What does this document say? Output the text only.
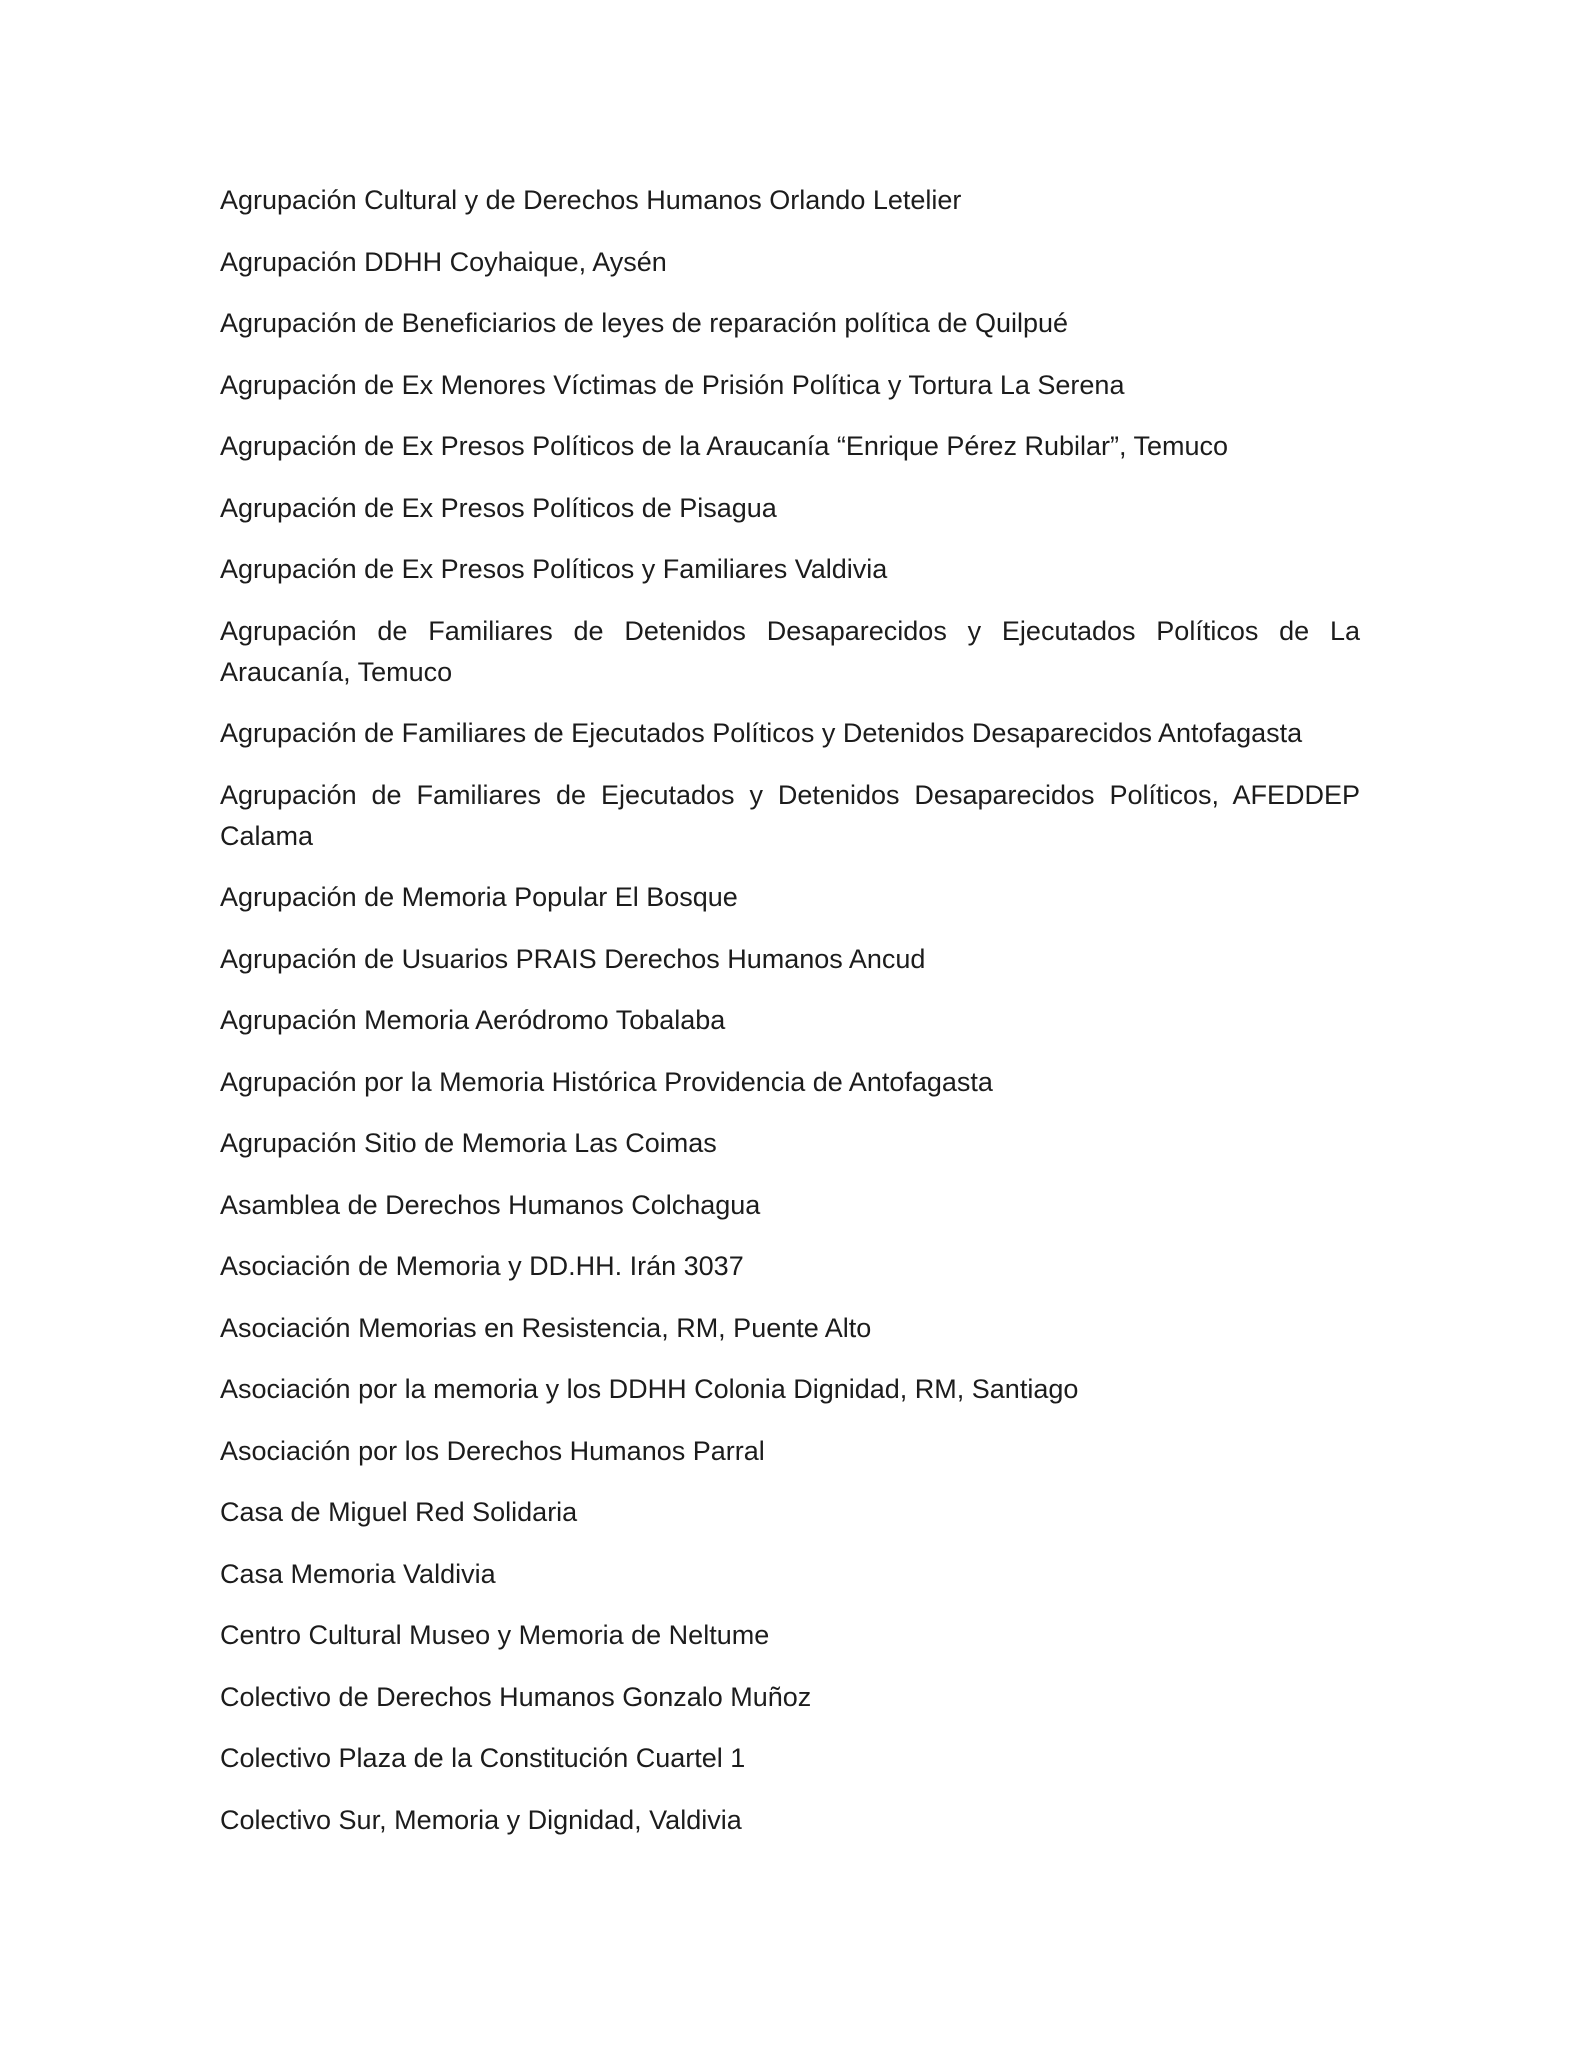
Agrupación Cultural y de Derechos Humanos Orlando Letelier
Agrupación DDHH Coyhaique, Aysén
Agrupación de Beneficiarios de leyes de reparación política de Quilpué
Agrupación de Ex Menores Víctimas de Prisión Política y Tortura La Serena
Agrupación de Ex Presos Políticos de la Araucanía “Enrique Pérez Rubilar”, Temuco
Agrupación de Ex Presos Políticos de Pisagua
Agrupación de Ex Presos Políticos y Familiares Valdivia
Agrupación de Familiares de Detenidos Desaparecidos y Ejecutados Políticos de La Araucanía, Temuco
Agrupación de Familiares de Ejecutados Políticos y Detenidos Desaparecidos Antofagasta
Agrupación de Familiares de Ejecutados y Detenidos Desaparecidos Políticos, AFEDDEP Calama
Agrupación de Memoria Popular El Bosque
Agrupación de Usuarios PRAIS Derechos Humanos Ancud
Agrupación Memoria Aeródromo Tobalaba
Agrupación por la Memoria Histórica Providencia de Antofagasta
Agrupación Sitio de Memoria Las Coimas
Asamblea de Derechos Humanos Colchagua
Asociación de Memoria y DD.HH. Irán 3037
Asociación Memorias en Resistencia, RM, Puente Alto
Asociación por la memoria y los DDHH Colonia Dignidad, RM, Santiago
Asociación por los Derechos Humanos Parral
Casa de Miguel Red Solidaria
Casa Memoria Valdivia
Centro Cultural Museo y Memoria de Neltume
Colectivo de Derechos Humanos Gonzalo Muñoz
Colectivo Plaza de la Constitución Cuartel 1
Colectivo Sur, Memoria y Dignidad, Valdivia
